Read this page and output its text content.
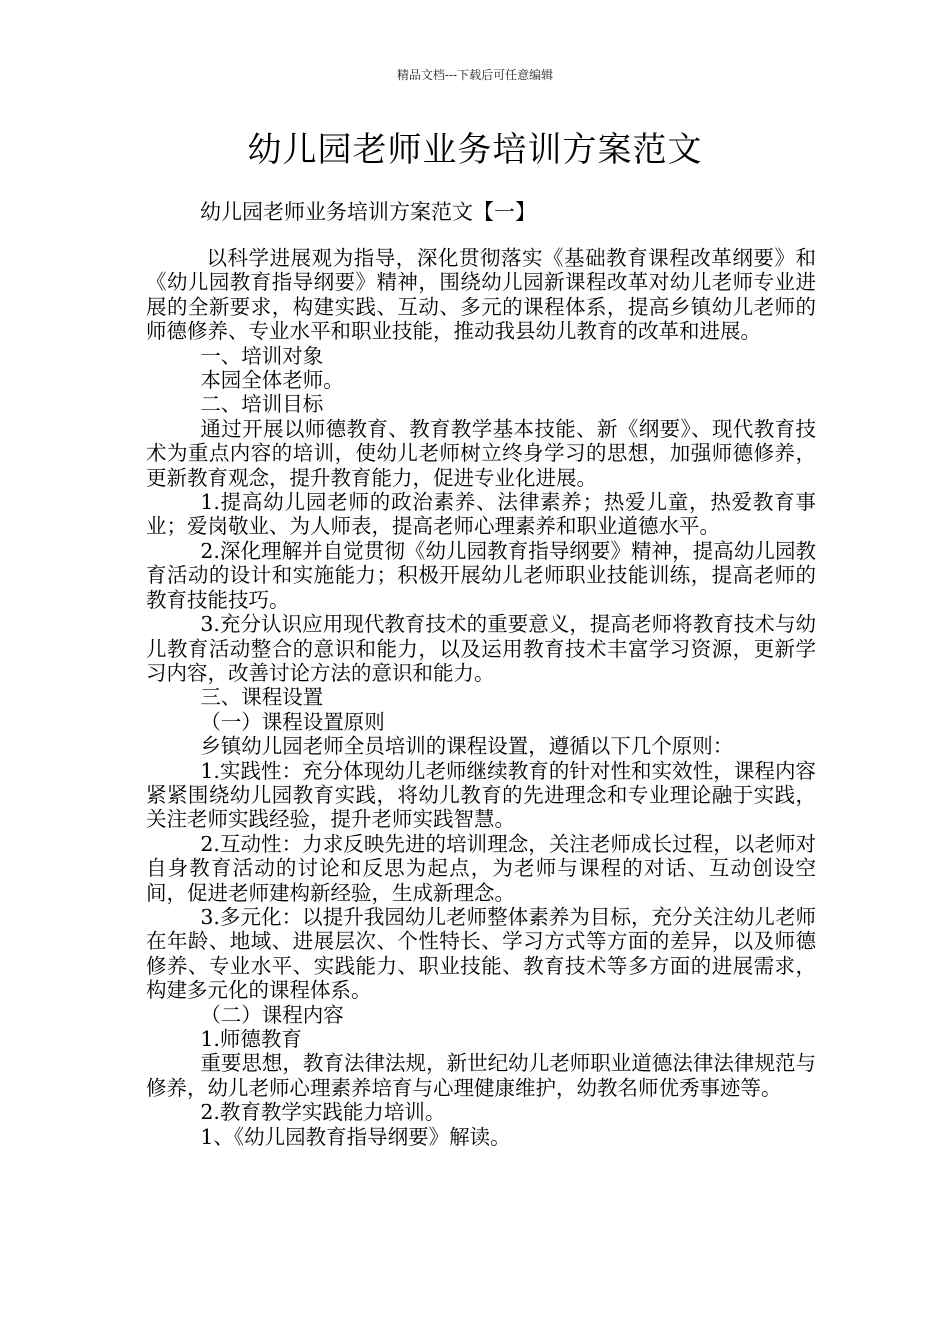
精品文档---下载后可任意编辑
幼儿园老师业务培训方案范文
幼儿园老师业务培训方案范文【一】

以科学进展观为指导，深化贯彻落实《基础教育课程改革纲要》和《幼儿园教育指导纲要》精神，围绕幼儿园新课程改革对幼儿老师专业进展的全新要求，构建实践、互动、多元的课程体系，提高乡镇幼儿老师的师德修养、专业水平和职业技能，推动我县幼儿教育的改革和进展。

一、培训对象

本园全体老师。

二、培训目标

通过开展以师德教育、教育教学基本技能、新《纲要》、现代教育技术为重点内容的培训，使幼儿老师树立终身学习的思想，加强师德修养，更新教育观念，提升教育能力，促进专业化进展。

1.提高幼儿园老师的政治素养、法律素养；热爱儿童，热爱教育事业；爱岗敬业、为人师表，提高老师心理素养和职业道德水平。

2.深化理解并自觉贯彻《幼儿园教育指导纲要》精神，提高幼儿园教育活动的设计和实施能力；积极开展幼儿老师职业技能训练，提高老师的教育技能技巧。

3.充分认识应用现代教育技术的重要意义，提高老师将教育技术与幼儿教育活动整合的意识和能力，以及运用教育技术丰富学习资源，更新学习内容，改善讨论方法的意识和能力。

三、课程设置

（一）课程设置原则

乡镇幼儿园老师全员培训的课程设置，遵循以下几个原则：

1.实践性：充分体现幼儿老师继续教育的针对性和实效性，课程内容紧紧围绕幼儿园教育实践，将幼儿教育的先进理念和专业理论融于实践，关注老师实践经验，提升老师实践智慧。

2.互动性：力求反映先进的培训理念，关注老师成长过程，以老师对自身教育活动的讨论和反思为起点，为老师与课程的对话、互动创设空间，促进老师建构新经验，生成新理念。

3.多元化：以提升我园幼儿老师整体素养为目标，充分关注幼儿老师在年龄、地域、进展层次、个性特长、学习方式等方面的差异，以及师德修养、专业水平、实践能力、职业技能、教育技术等多方面的进展需求，构建多元化的课程体系。

（二）课程内容

1.师德教育

重要思想，教育法律法规，新世纪幼儿老师职业道德法律法律规范与修养，幼儿老师心理素养培育与心理健康维护，幼教名师优秀事迹等。

2.教育教学实践能力培训。

1、《幼儿园教育指导纲要》解读。
